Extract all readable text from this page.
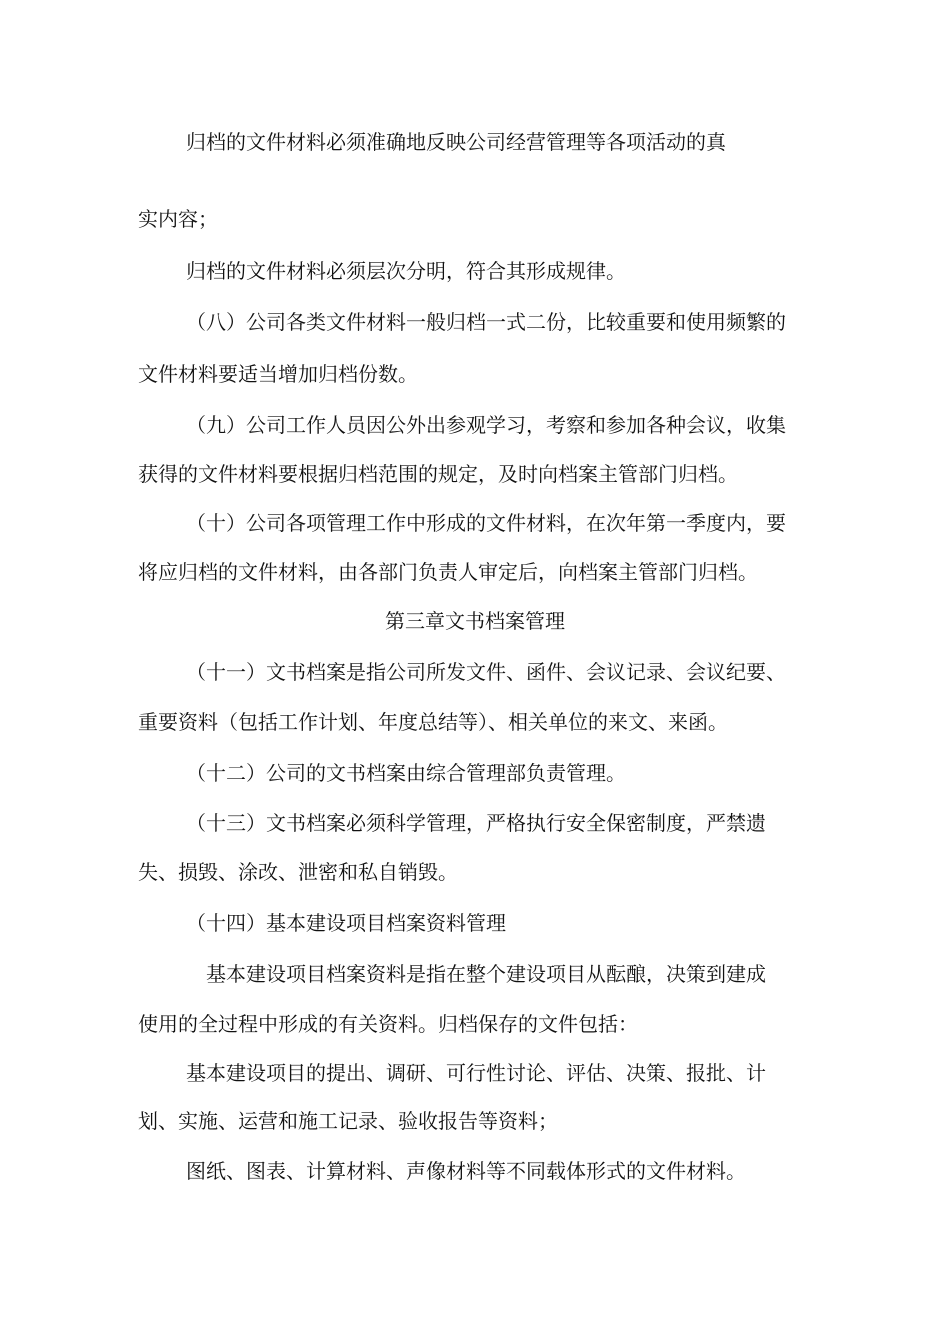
归档的文件材料必须准确地反映公司经营管理等各项活动的真
实内容；
归档的文件材料必须层次分明，符合其形成规律。
（八）公司各类文件材料一般归档一式二份，比较重要和使用频繁的
文件材料要适当增加归档份数。
（九）公司工作人员因公外出参观学习，考察和参加各种会议，收集
获得的文件材料要根据归档范围的规定，及时向档案主管部门归档。
（十）公司各项管理工作中形成的文件材料，在次年第一季度内，要
将应归档的文件材料，由各部门负责人审定后，向档案主管部门归档。
第三章文书档案管理
（十一）文书档案是指公司所发文件、函件、会议记录、会议纪要、
重要资料（包括工作计划、年度总结等）、相关单位的来文、来函。
（十二）公司的文书档案由综合管理部负责管理。
（十三）文书档案必须科学管理，严格执行安全保密制度，严禁遗
失、损毁、涂改、泄密和私自销毁。
（十四）基本建设项目档案资料管理
基本建设项目档案资料是指在整个建设项目从酝酿，决策到建成
使用的全过程中形成的有关资料。归档保存的文件包括：
基本建设项目的提出、调研、可行性讨论、评估、决策、报批、计
划、实施、运营和施工记录、验收报告等资料；
图纸、图表、计算材料、声像材料等不同载体形式的文件材料。
